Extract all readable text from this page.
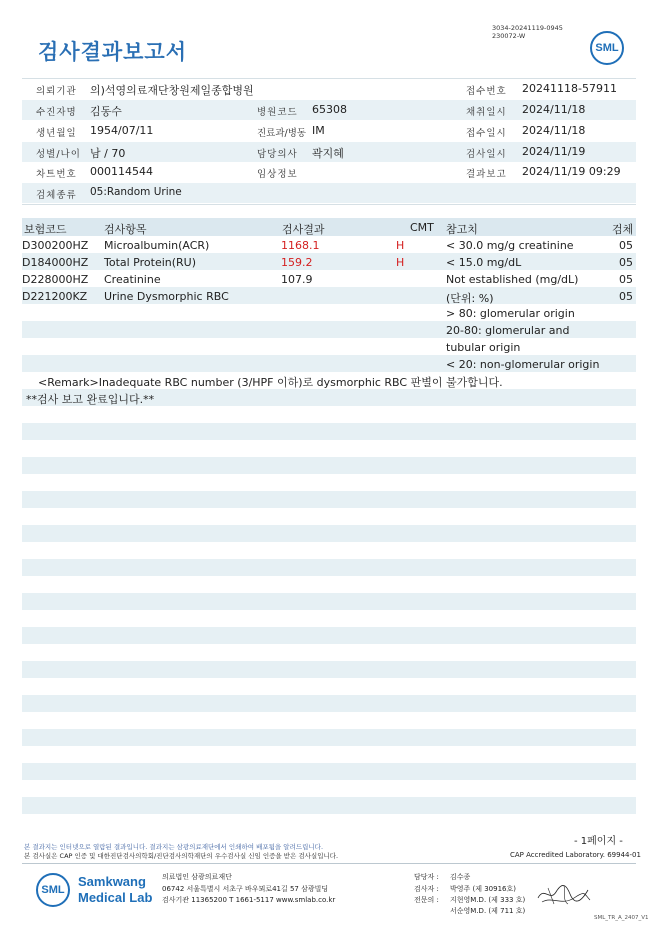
검사결과보고서
3034-20241119-0945
230072-W
SML
의뢰기관 의)석영의료재단창원제일종합병원	접수번호 20241118-57911
수진자명 김동수	병원코드 65308	채취일시 2024/11/18
생년월일 1954/07/11	진료과/병동 IM	접수일시 2024/11/18
성별/나이 남 / 70	담당의사 곽지혜	검사일시 2024/11/19
차트번호 000114544	임상정보	결과보고 2024/11/19 09:29
검체종류 05:Random Urine
보험코드	검사항목	검사결과	CMT 참고치	검체
D300200HZ Microalbumin(ACR)	1168.1	H	< 30.0 mg/g creatinine	05
D184000HZ Total Protein(RU)	159.2	H	< 15.0 mg/dL	05
D228000HZ Creatinine	107.9	Not established (mg/dL)	05
D221200KZ Urine Dysmorphic RBC	(단위: %)	05
> 80: glomerular origin
20-80: glomerular and
tubular origin
< 20: non-glomerular origin
<Remark>Inadequate RBC number (3/HPF 이하)로 dysmorphic RBC 판별이 불가합니다.
**검사 보고 완료입니다.**
- 1페이지 -
본 결과지는 인터넷으로 열람된 결과입니다. 결과지는 삼광의료재단에서 인쇄하여 배포됨을 알려드립니다.
본 검사실은 CAP 인증 및 대한진단검사의학회/진단검사의학재단의 우수검사실 신임 인증을 받은 검사실입니다.	CAP Accredited Laboratory. 69944-01
SML
Samkwang
Medical Lab
의료법인 삼광의료재단
06742 서울특별시 서초구 바우뫼로41길 57 삼광빌딩
검사기관 11365200 T 1661-5117 www.smlab.co.kr
담당자 : 김수종
검사자 : 박영주 (제 30916호)
전문의 : 지현영M.D. (제 333 호)
서순영M.D. (제 711 호)
SML_TR_A_2407_V1
